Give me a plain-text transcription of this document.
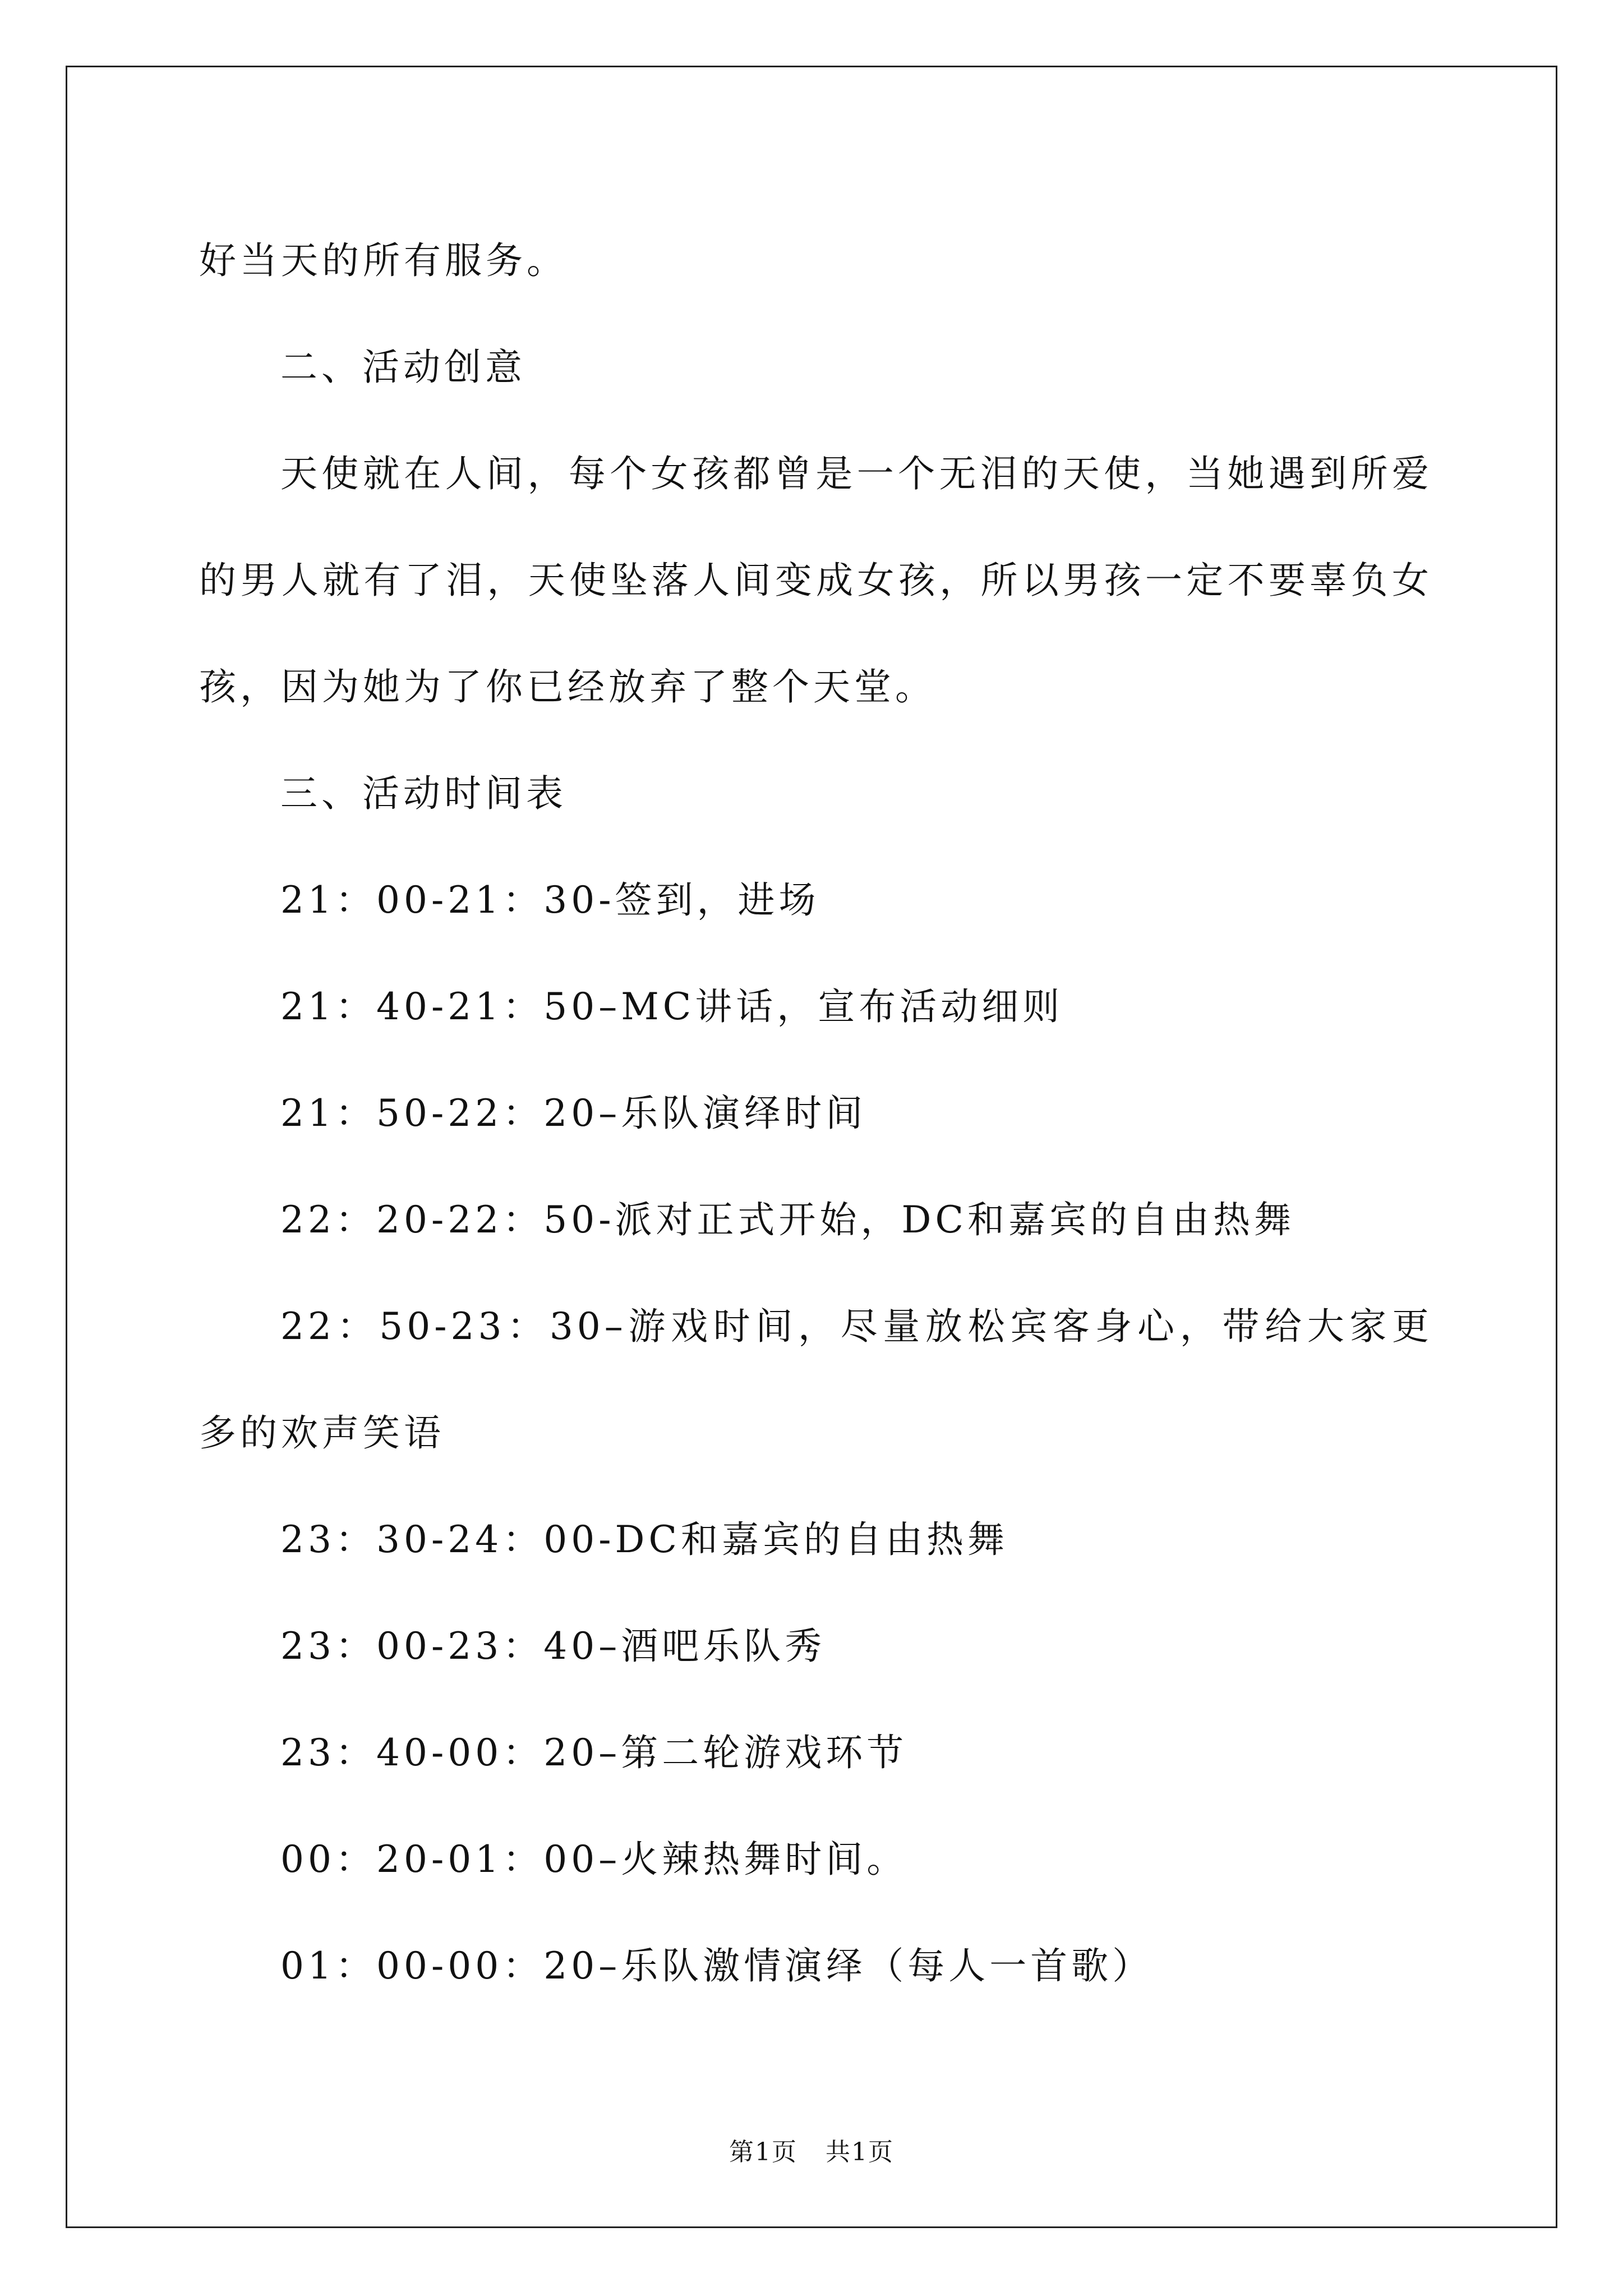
好当天的所有服务。

二、活动创意

天使就在人间，每个女孩都曾是一个无泪的天使，当她遇到所爱的男人就有了泪，天使坠落人间变成女孩，所以男孩一定不要辜负女孩，因为她为了你已经放弃了整个天堂。

三、活动时间表

21：00-21：30-签到，进场

21：40-21：50–MC讲话，宣布活动细则

21：50-22：20–乐队演绎时间

22：20-22：50-派对正式开始，DC和嘉宾的自由热舞

22：50-23：30–游戏时间，尽量放松宾客身心，带给大家更多的欢声笑语

23：30-24：00-DC和嘉宾的自由热舞

23：00-23：40–酒吧乐队秀

23：40-00：20–第二轮游戏环节

00：20-01：00–火辣热舞时间。

01：00-00：20–乐队激情演绎（每人一首歌）

第1页 共1页
